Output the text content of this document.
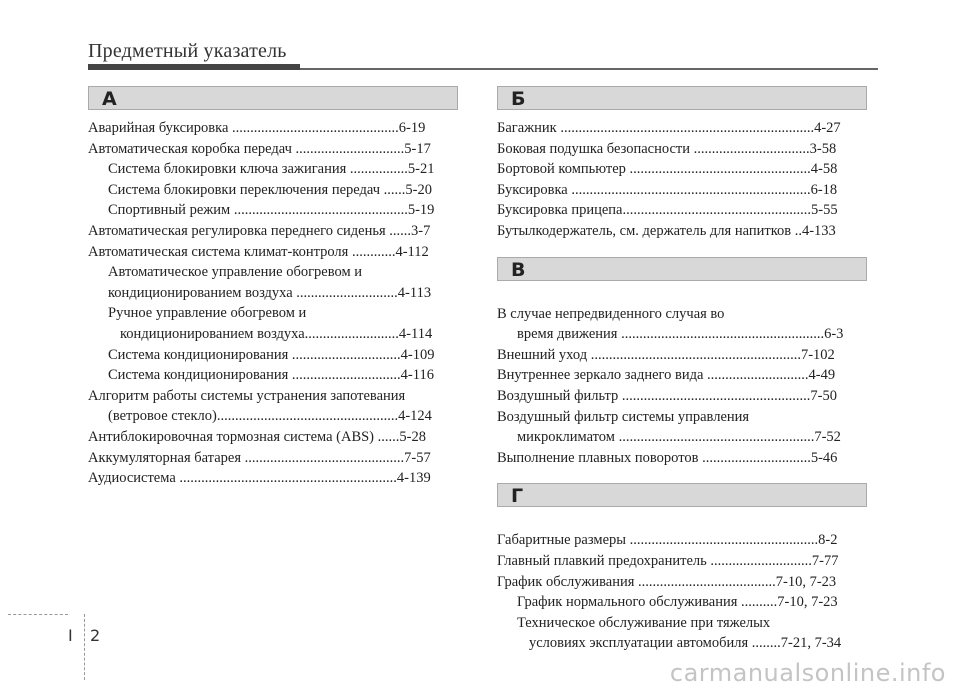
Предметный указатель
А
Аварийная буксировка ..............................................6-19
Автоматическая коробка передач ..............................5-17
Система блокировки ключа зажигания ................5-21
Система блокировки переключения передач ......5-20
Спортивный режим ................................................5-19
Автоматическая регулировка переднего сиденья ......3-7
Автоматическая система климат-контроля ............4-112
Автоматическое управление обогревом и
кондиционированием воздуха ............................4-113
Ручное управление обогревом и
кондиционированием воздуха..........................4-114
Система кондиционирования ..............................4-109
Система кондиционирования ..............................4-116
Алгоритм работы системы устранения запотевания
(ветровое стекло)..................................................4-124
Антиблокировочная тормозная система (ABS) ......5-28
Аккумуляторная батарея ............................................7-57
Аудиосистема ............................................................4-139
Б
Багажник ......................................................................4-27
Боковая подушка безопасности ................................3-58
Бортовой компьютер ..................................................4-58
Буксировка ..................................................................6-18
Буксировка прицепа....................................................5-55
Бутылкодержатель, см. держатель для напитков ..4-133
В
В случае непредвиденного случая во
время движения ........................................................6-3
Внешний уход ..........................................................7-102
Внутреннее зеркало заднего вида ............................4-49
Воздушный фильтр ....................................................7-50
Воздушный фильтр системы управления
микроклиматом ......................................................7-52
Выполнение плавных поворотов ..............................5-46
Г
Габаритные размеры ....................................................8-2
Главный плавкий предохранитель ............................7-77
График обслуживания ......................................7-10, 7-23
График нормального обслуживания ..........7-10, 7-23
Техническое обслуживание при тяжелых
условиях эксплуатации автомобиля ........7-21, 7-34
I 2
carmanualsonline.info
